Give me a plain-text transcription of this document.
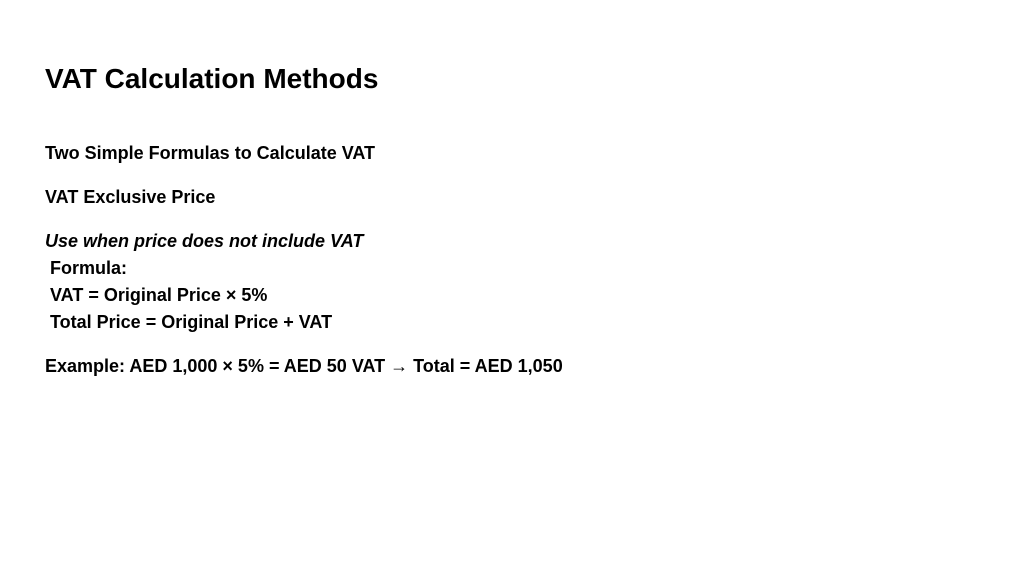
VAT Calculation Methods

Two Simple Formulas to Calculate VAT

VAT Exclusive Price

Use when price does not include VAT

Formula:

VAT = Original Price × 5%

Total Price = Original Price + VAT

Example: AED 1,000 × 5% = AED 50 VAT → Total = AED 1,050
